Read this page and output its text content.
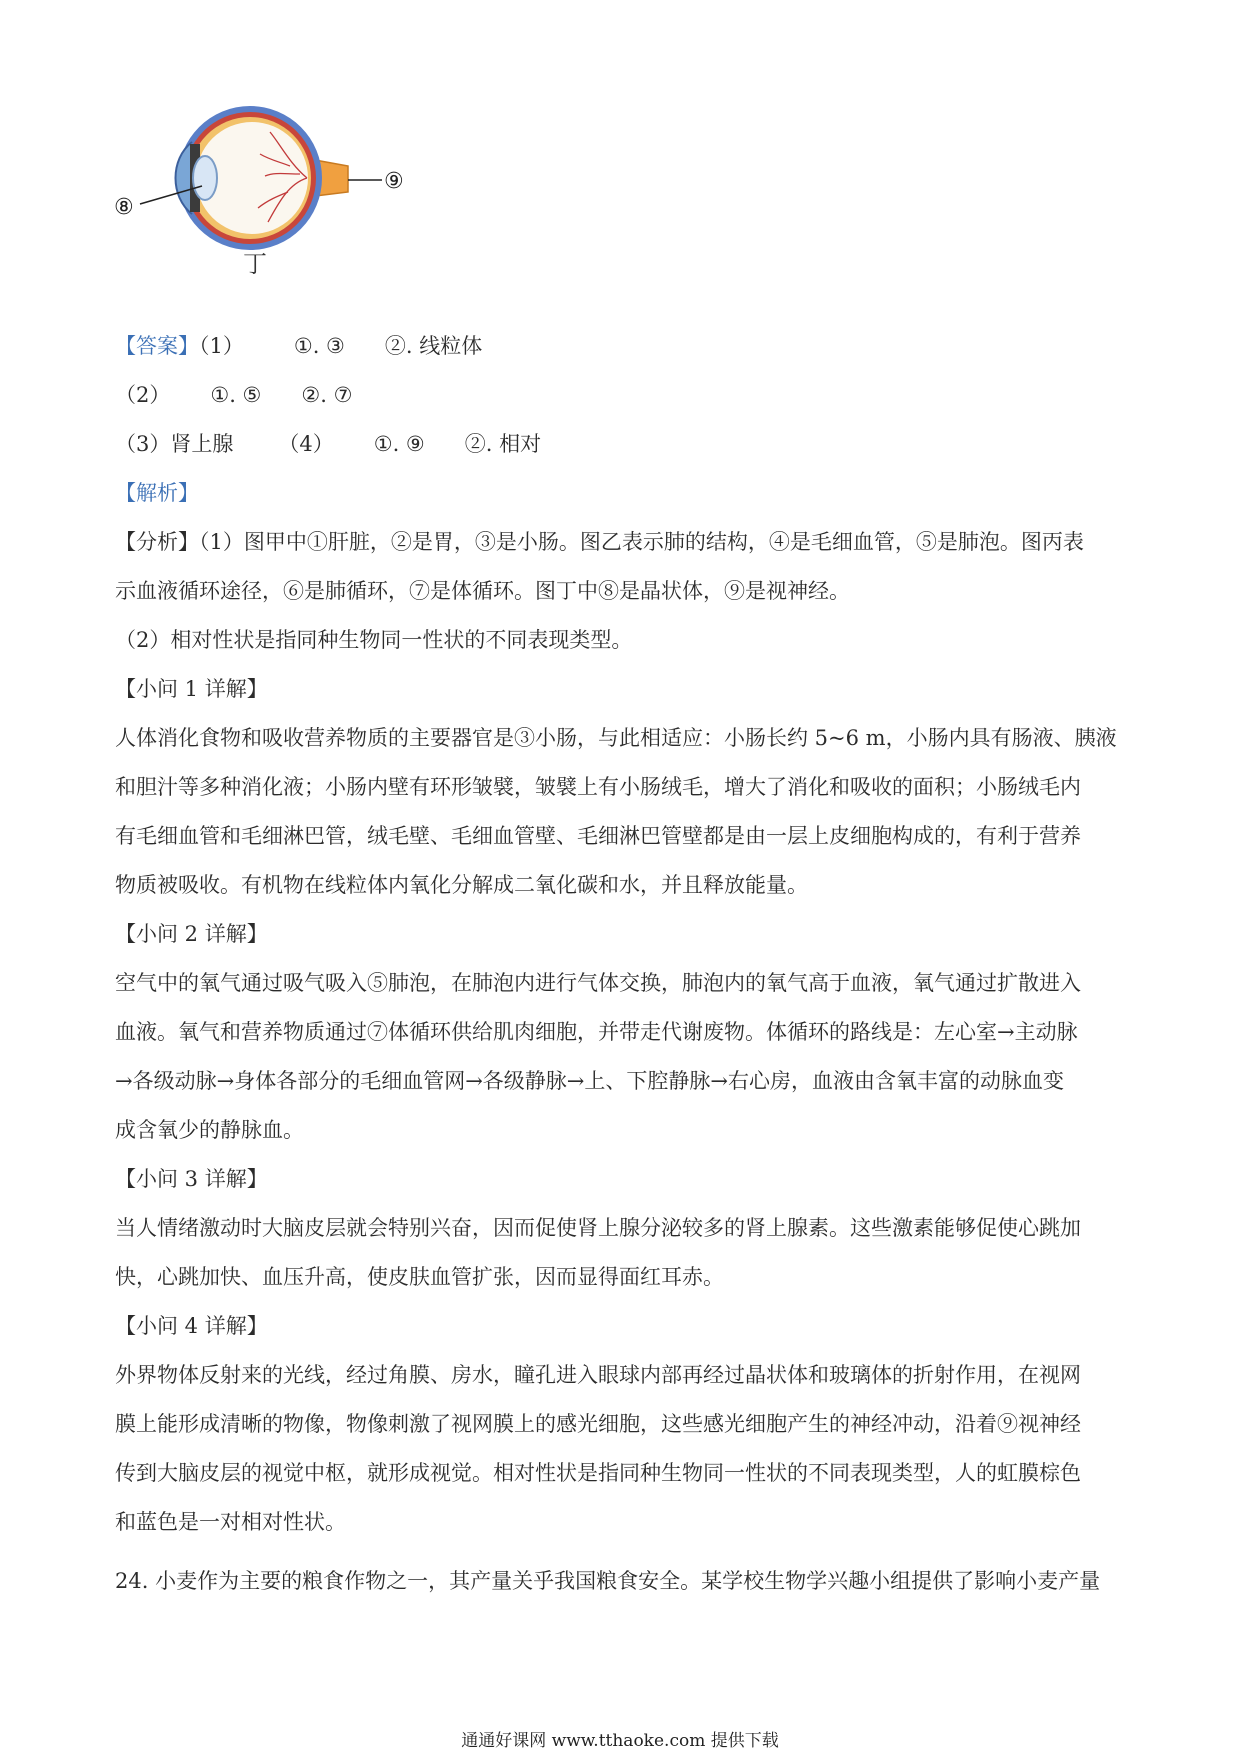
⑧
⑨
丁
【答案】（1） ①. ③ ②. 线粒体
（2） ①. ⑤ ②. ⑦
（3）肾上腺 （4） ①. ⑨ ②. 相对
【解析】
【分析】（1）图甲中①肝脏，②是胃，③是小肠。图乙表示肺的结构，④是毛细血管，⑤是肺泡。图丙表
示血液循环途径，⑥是肺循环，⑦是体循环。图丁中⑧是晶状体，⑨是视神经。
（2）相对性状是指同种生物同一性状的不同表现类型。
【小问 1 详解】
人体消化食物和吸收营养物质的主要器官是③小肠，与此相适应：小肠长约 5~6 m，小肠内具有肠液、胰液
和胆汁等多种消化液；小肠内壁有环形皱襞，皱襞上有小肠绒毛，增大了消化和吸收的面积；小肠绒毛内
有毛细血管和毛细淋巴管，绒毛壁、毛细血管壁、毛细淋巴管壁都是由一层上皮细胞构成的，有利于营养
物质被吸收。有机物在线粒体内氧化分解成二氧化碳和水，并且释放能量。
【小问 2 详解】
空气中的氧气通过吸气吸入⑤肺泡，在肺泡内进行气体交换，肺泡内的氧气高于血液，氧气通过扩散进入
血液。氧气和营养物质通过⑦体循环供给肌肉细胞，并带走代谢废物。体循环的路线是：左心室→主动脉
→各级动脉→身体各部分的毛细血管网→各级静脉→上、下腔静脉→右心房，血液由含氧丰富的动脉血变
成含氧少的静脉血。
【小问 3 详解】
当人情绪激动时大脑皮层就会特别兴奋，因而促使肾上腺分泌较多的肾上腺素。这些激素能够促使心跳加
快，心跳加快、血压升高，使皮肤血管扩张，因而显得面红耳赤。
【小问 4 详解】
外界物体反射来的光线，经过角膜、房水，瞳孔进入眼球内部再经过晶状体和玻璃体的折射作用，在视网
膜上能形成清晰的物像，物像刺激了视网膜上的感光细胞，这些感光细胞产生的神经冲动，沿着⑨视神经
传到大脑皮层的视觉中枢，就形成视觉。相对性状是指同种生物同一性状的不同表现类型，人的虹膜棕色
和蓝色是一对相对性状。
24. 小麦作为主要的粮食作物之一，其产量关乎我国粮食安全。某学校生物学兴趣小组提供了影响小麦产量
通通好课网 www.tthaoke.com 提供下载
